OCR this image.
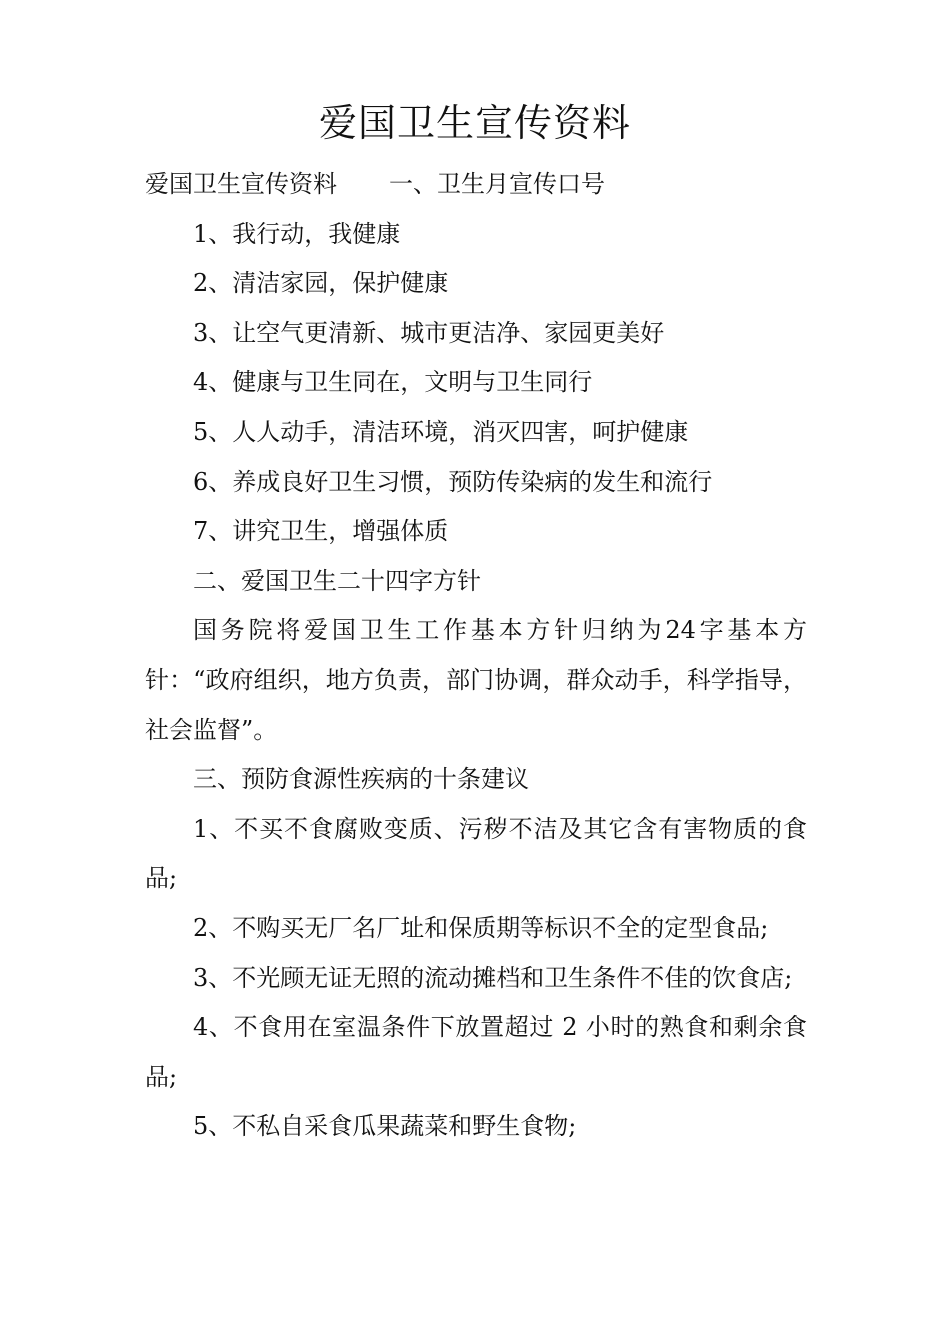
爱国卫生宣传资料

爱国卫生宣传资料 一、卫生月宣传口号

1、我行动，我健康

2、清洁家园，保护健康

3、让空气更清新、城市更洁净、家园更美好

4、健康与卫生同在，文明与卫生同行

5、人人动手，清洁环境，消灭四害，呵护健康

6、养成良好卫生习惯，预防传染病的发生和流行

7、讲究卫生，增强体质

二、爱国卫生二十四字方针

国务院将爱国卫生工作基本方针归纳为24字基本方针：“政府组织，地方负责，部门协调，群众动手，科学指导，社会监督”。

三、预防食源性疾病的十条建议

1、不买不食腐败变质、污秽不洁及其它含有害物质的食品;

2、不购买无厂名厂址和保质期等标识不全的定型食品;

3、不光顾无证无照的流动摊档和卫生条件不佳的饮食店;

4、不食用在室温条件下放置超过 2 小时的熟食和剩余食品;

5、不私自采食瓜果蔬菜和野生食物;
